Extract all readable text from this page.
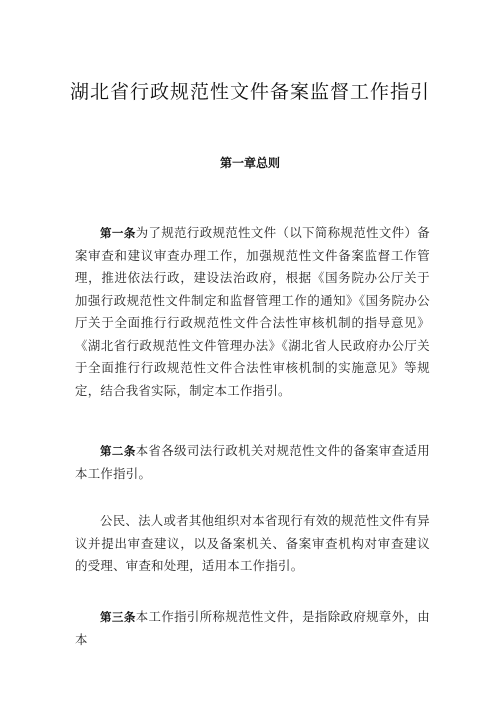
湖北省行政规范性文件备案监督工作指引
第一章总则
第一条为了规范行政规范性文件（以下简称规范性文件）备案审查和建议审查办理工作，加强规范性文件备案监督工作管理，推进依法行政，建设法治政府，根据《国务院办公厅关于加强行政规范性文件制定和监督管理工作的通知》《国务院办公厅关于全面推行行政规范性文件合法性审核机制的指导意见》《湖北省行政规范性文件管理办法》《湖北省人民政府办公厅关于全面推行行政规范性文件合法性审核机制的实施意见》等规定，结合我省实际，制定本工作指引。
第二条本省各级司法行政机关对规范性文件的备案审查适用本工作指引。
公民、法人或者其他组织对本省现行有效的规范性文件有异议并提出审查建议，以及备案机关、备案审查机构对审查建议的受理、审查和处理，适用本工作指引。
第三条本工作指引所称规范性文件，是指除政府规章外，由本
